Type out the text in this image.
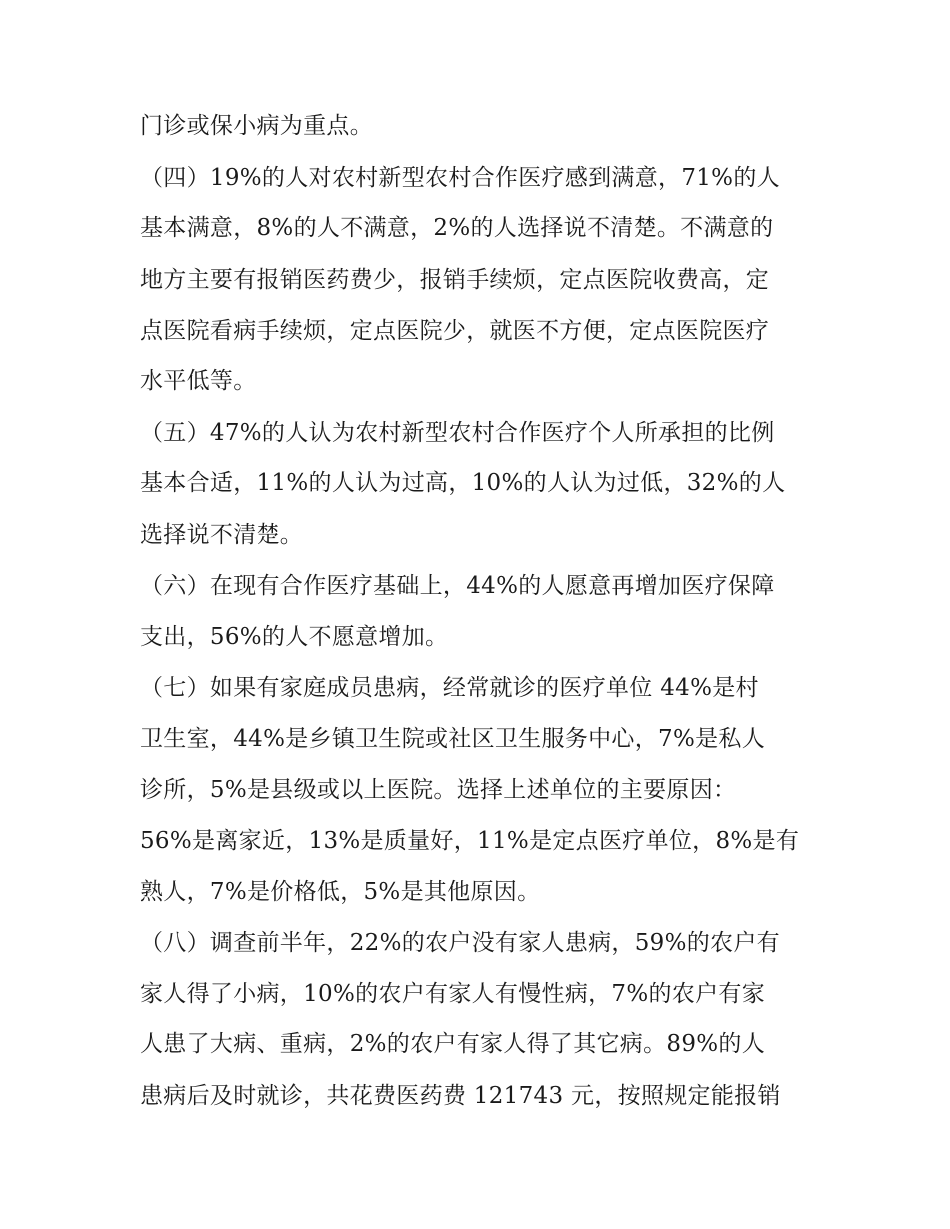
门诊或保小病为重点。

（四）19%的人对农村新型农村合作医疗感到满意，71%的人

基本满意，8%的人不满意，2%的人选择说不清楚。不满意的

地方主要有报销医药费少，报销手续烦，定点医院收费高，定

点医院看病手续烦，定点医院少，就医不方便，定点医院医疗

水平低等。

（五）47%的人认为农村新型农村合作医疗个人所承担的比例

基本合适，11%的人认为过高，10%的人认为过低，32%的人

选择说不清楚。

（六）在现有合作医疗基础上，44%的人愿意再增加医疗保障

支出，56%的人不愿意增加。

（七）如果有家庭成员患病，经常就诊的医疗单位 44%是村

卫生室，44%是乡镇卫生院或社区卫生服务中心，7%是私人

诊所，5%是县级或以上医院。选择上述单位的主要原因：

56%是离家近，13%是质量好，11%是定点医疗单位，8%是有

熟人，7%是价格低，5%是其他原因。

（八）调查前半年，22%的农户没有家人患病，59%的农户有

家人得了小病，10%的农户有家人有慢性病，7%的农户有家

人患了大病、重病，2%的农户有家人得了其它病。89%的人

患病后及时就诊，共花费医药费 121743 元，按照规定能报销
